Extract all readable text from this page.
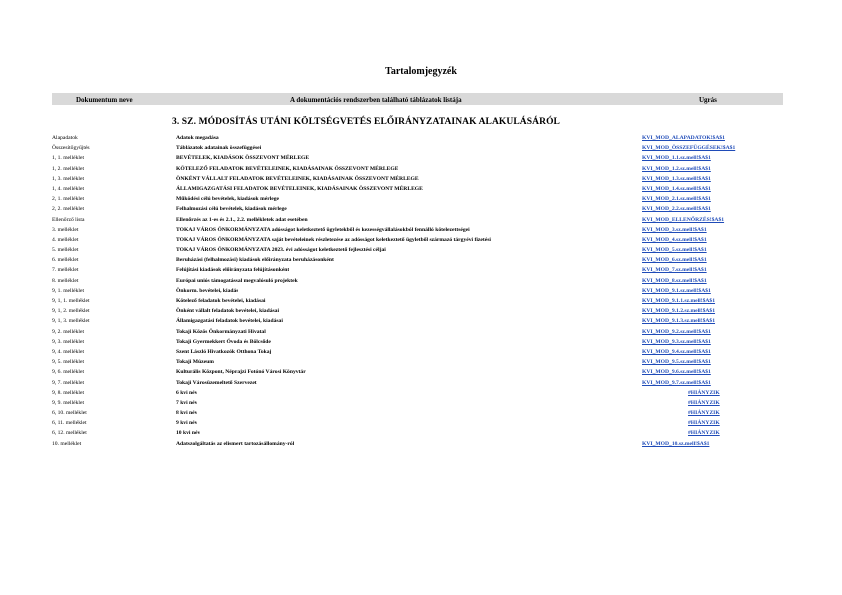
Tartalomjegyzék
Dokumentum neve	A dokumentációs rendszerben található táblázatok listája	Ugrás
3. SZ. MÓDOSÍTÁS UTÁNI KÖLTSÉGVETÉS ELŐIRÁNYZATAINAK ALAKULÁSÁRÓL
Alapadatok	Adatok megadása	KVI_MOD_ALAPADATOK!$A$1
Összesítőgyűjtés	Táblázatok adatainak összefüggései	KVI_MOD_ÖSSZEFÜGGÉSEK!$A$1
1, 1. melléklet	BEVÉTELEK, KIADÁSOK ÖSSZEVONT MÉRLEGE	KVI_MOD_1.1.sz.mell!$A$1
1, 2. melléklet	KÖTELEZŐ FELADATOK BEVÉTELEINEK, KIADÁSAINAK ÖSSZEVONT MÉRLEGE	KVI_MOD_1.2.sz.mell!$A$1
1, 3. melléklet	ÖNKÉNT VÁLLALT FELADATOK BEVÉTELEINEK, KIADÁSAINAK ÖSSZEVONT MÉRLEGE	KVI_MOD_1.3.sz.mell!$A$1
1, 4. melléklet	ÁLLAMIGAZGATÁSI FELADATOK BEVÉTELEINEK, KIADÁSAINAK ÖSSZEVONT MÉRLEGE	KVI_MOD_1.4.sz.mell!$A$1
2, 1. melléklet	Működési célú bevételek, kiadások mérlege	KVI_MOD_2.1.sz.mell!$A$1
2, 2. melléklet	Felhalmozási célú bevételek, kiadások mérlege	KVI_MOD_2.2.sz.mell!$A$1
Ellenőrző lista	Ellenőrzés az 1-es és 2.1., 2.2. mellékletek adat esetében	KVI_MOD_ELLENŐRZÉS!$A$1
3. melléklet	TOKAJ VÁROS ÖNKORMÁNYZATA adósságot keletkeztető ügyletekből és kezességvállalásokból fennálló kötelezettségei	KVI_MOD_3.sz.mell!$A$1
4. melléklet	TOKAJ VÁROS ÖNKORMÁNYZATA saját bevételeinek részletezése az adósságot keletkeztető ügyletből származó tárgyévi fizetési	KVI_MOD_4.sz.mell!$A$1
5. melléklet	TOKAJ VÁROS ÖNKORMÁNYZATA 2023. évi adósságot keletkeztető fejlesztési céljai	KVI_MOD_5.sz.mell!$A$1
6. melléklet	Beruházási (felhalmozási) kiadások előirányzata beruházásonként	KVI_MOD_6.sz.mell!$A$1
7. melléklet	Felújítási kiadások előirányzata felújításonként	KVI_MOD_7.sz.mell!$A$1
8. melléklet	Európai uniós támogatással megvalósuló projektek	KVI_MOD_8.sz.mell!$A$1
9, 1. melléklet	Önkorm. bevételei, kiadás	KVI_MOD_9.1.sz.mell!$A$1
9, 1, 1. melléklet	Kötelező feladatok bevételei, kiadásai	KVI_MOD_9.1.1.sz.mell!$A$1
9, 1, 2. melléklet	Önként vállalt feladatok bevételei, kiadásai	KVI_MOD_9.1.2.sz.mell!$A$1
9, 1, 3. melléklet	Államigazgatási feladatok bevételei, kiadásai	KVI_MOD_9.1.3.sz.mell!$A$1
9, 2. melléklet	Tokaji Közös Önkormányzati Hivatal	KVI_MOD_9.2.sz.mell!$A$1
9, 3. melléklet	Tokaji Gyermekkert Óvoda és Bölcsőde	KVI_MOD_9.3.sz.mell!$A$1
9, 4. melléklet	Szent László Hivatkozók Otthona Tokaj	KVI_MOD_9.4.sz.mell!$A$1
9, 5. melléklet	Tokaji Múzeum	KVI_MOD_9.5.sz.mell!$A$1
9, 6. melléklet	Kulturális Központ, Néprajzi Fotónó Városi Könyvtár	KVI_MOD_9.6.sz.mell!$A$1
9, 7. melléklet	Tokaji Városüzemeltető Szervezet	KVI_MOD_9.7.sz.mell!$A$1
9, 8. melléklet	6 kvi név	#HIÁNYZIK
9, 9. melléklet	7 kvi név	#HIÁNYZIK
6, 10. melléklet	8 kvi név	#HIÁNYZIK
6, 11. melléklet	9 kvi név	#HIÁNYZIK
6, 12. melléklet	10 kvi név	#HIÁNYZIK
10. melléklet	Adatszolgáltatás az elismert tartozásállomány-ról	KVI_MOD_10.sz.mell!$A$1
